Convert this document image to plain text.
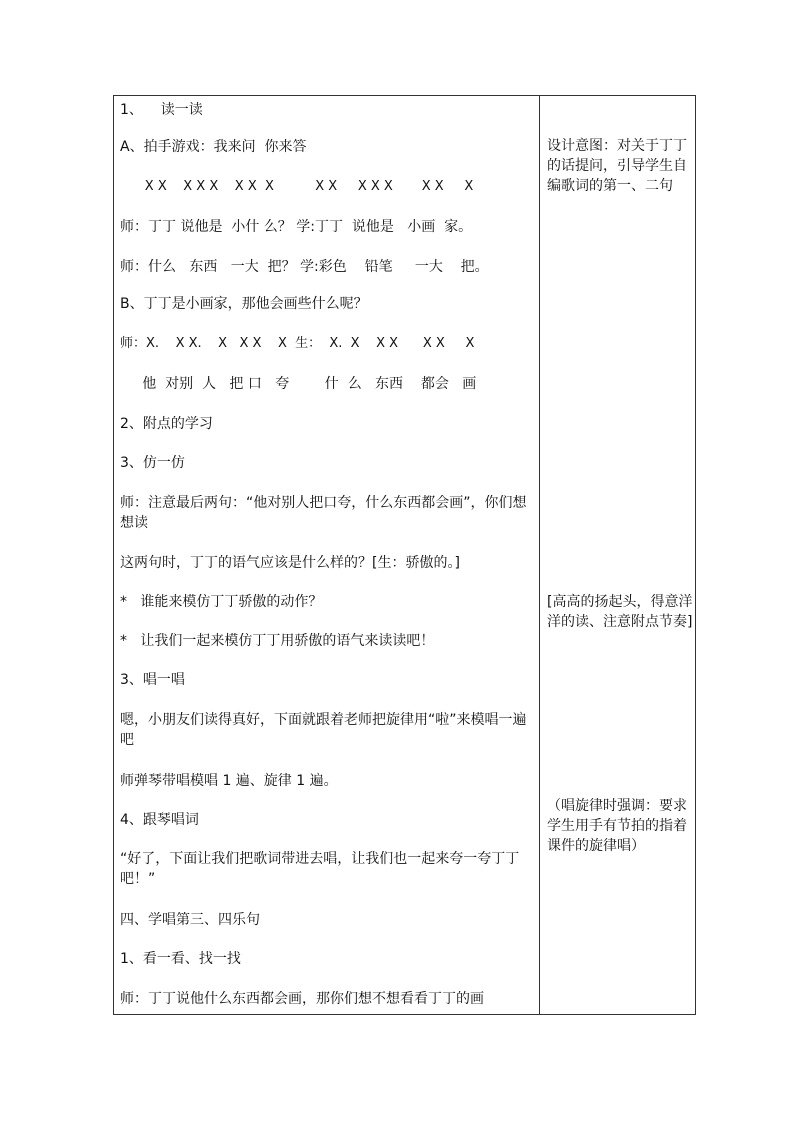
1、    读一读
A、拍手游戏：我来问  你来答
X X    X X X    X X  X          X X     X X X       X X     X
师：丁丁 说他是  小什 么？ 学:丁丁  说他是   小画  家。
师：什么   东西   一大  把？ 学:彩色    铅笔     一大    把。
B、丁丁是小画家，那他会画些什么呢？
师：X.    X X.    X   X X    X  生：  X.  X    X X      X X     X
他  对别  人   把 口   夸        什  么   东西    都会   画
2、附点的学习
3、仿一仿
师：注意最后两句：“他对别人把口夸，什么东西都会画”，你们想想读
这两句时，丁丁的语气应该是什么样的？[生：骄傲的。]
*   谁能来模仿丁丁骄傲的动作？
*   让我们一起来模仿丁丁用骄傲的语气来读读吧！
3、唱一唱
嗯，小朋友们读得真好，下面就跟着老师把旋律用“啦”来模唱一遍吧
师弹琴带唱模唱 1 遍、旋律 1 遍。
4、跟琴唱词
“好了，下面让我们把歌词带进去唱，让我们也一起来夸一夸丁丁吧！”
四、学唱第三、四乐句
1、看一看、找一找
师：丁丁说他什么东西都会画，那你们想不想看看丁丁的画
设计意图：对关于丁丁的话提问，引导学生自编歌词的第一、二句
[高高的扬起头，得意洋洋的读、注意附点节奏]
（唱旋律时强调：要求学生用手有节拍的指着课件的旋律唱）
